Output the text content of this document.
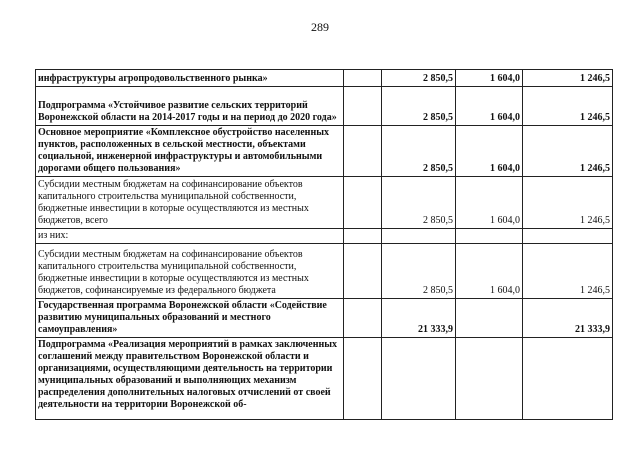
289
инфраструктуры агропродовольственного рынка»		2 850,5	1 604,0	1 246,5
Подпрограмма «Устойчивое развитие сельских территорий Воронежской области на 2014-2017 годы и на период до 2020 года»		2 850,5	1 604,0	1 246,5
Основное мероприятие «Комплексное обустройство населенных пунктов, расположенных в сельской местности, объектами социальной, инженерной инфраструктуры и автомобильными дорогами общего пользования»		2 850,5	1 604,0	1 246,5
Субсидии местным бюджетам на софинансирование объектов капитального строительства муниципальной собственности, бюджетные инвестиции в которые осуществляются из местных бюджетов, всего		2 850,5	1 604,0	1 246,5
из них:				
Субсидии местным бюджетам на софинансирование объектов капитального строительства муниципальной собственности, бюджетные инвестиции в которые осуществляются из местных бюджетов, софинансируемые из федерального бюджета		2 850,5	1 604,0	1 246,5
Государственная программа Воронежской области «Содействие развитию муниципальных образований и местного самоуправления»		21 333,9		21 333,9
Подпрограмма «Реализация мероприятий в рамках заключенных соглашений между правительством Воронежской области и организациями, осуществляющими деятельность на территории муниципальных образований и выполняющих механизм распределения дополнительных налоговых отчислений от своей деятельности на территории Воронежской об-				
